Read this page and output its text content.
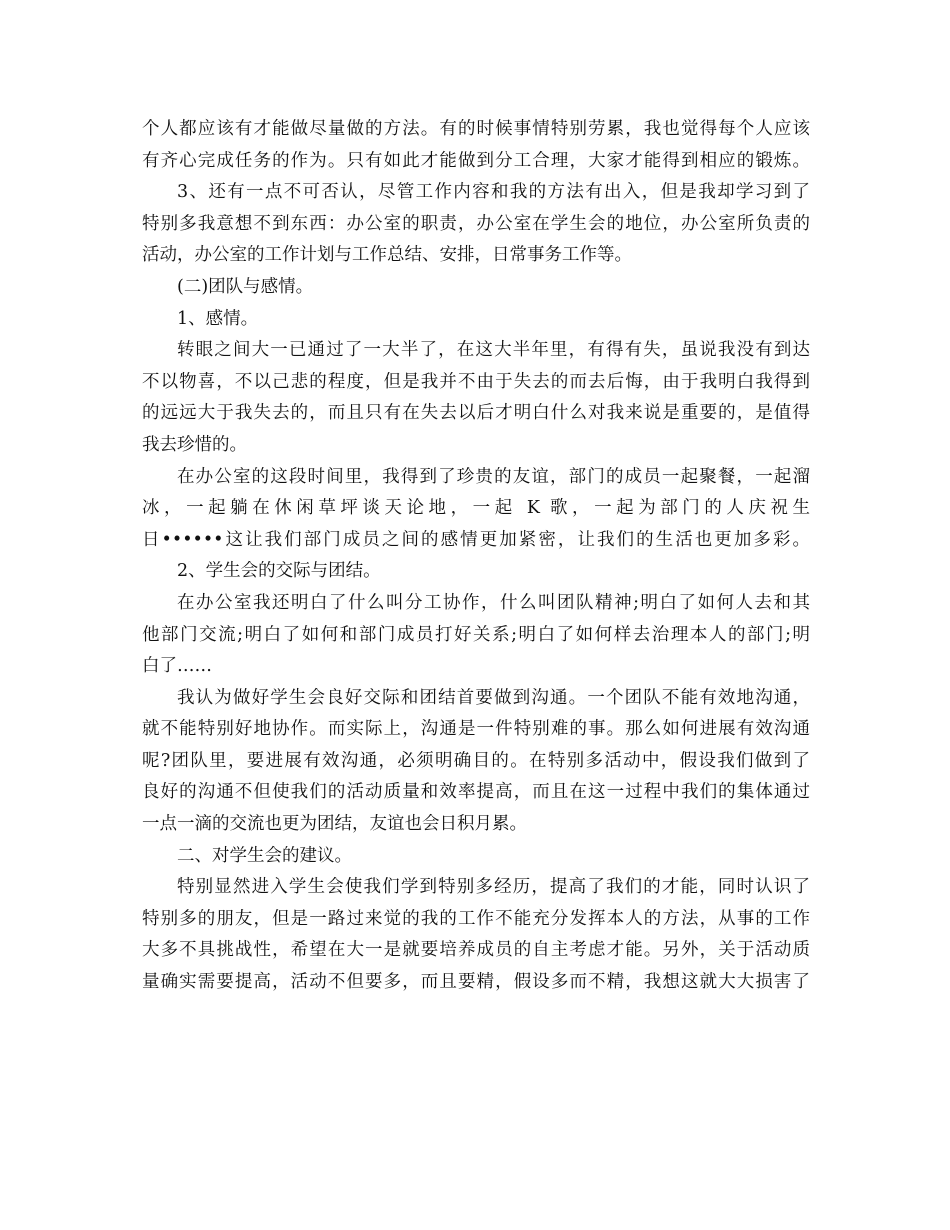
个人都应该有才能做尽量做的方法。有的时候事情特别劳累，我也觉得每个人应该
有齐心完成任务的作为。只有如此才能做到分工合理，大家才能得到相应的锻炼。
3、还有一点不可否认，尽管工作内容和我的方法有出入，但是我却学习到了
特别多我意想不到东西：办公室的职责，办公室在学生会的地位，办公室所负责的
活动，办公室的工作计划与工作总结、安排，日常事务工作等。
(二)团队与感情。
1、感情。
转眼之间大一已通过了一大半了，在这大半年里，有得有失，虽说我没有到达
不以物喜，不以己悲的程度，但是我并不由于失去的而去后悔，由于我明白我得到
的远远大于我失去的，而且只有在失去以后才明白什么对我来说是重要的，是值得
我去珍惜的。
在办公室的这段时间里，我得到了珍贵的友谊，部门的成员一起聚餐，一起溜
冰，一起躺在休闲草坪谈天论地，一起 K 歌，一起为部门的人庆祝生
日••••••这让我们部门成员之间的感情更加紧密，让我们的生活也更加多彩。
2、学生会的交际与团结。
在办公室我还明白了什么叫分工协作，什么叫团队精神;明白了如何人去和其
他部门交流;明白了如何和部门成员打好关系;明白了如何样去治理本人的部门;明
白了……
我认为做好学生会良好交际和团结首要做到沟通。一个团队不能有效地沟通，
就不能特别好地协作。而实际上，沟通是一件特别难的事。那么如何进展有效沟通
呢?团队里，要进展有效沟通，必须明确目的。在特别多活动中，假设我们做到了
良好的沟通不但使我们的活动质量和效率提高，而且在这一过程中我们的集体通过
一点一滴的交流也更为团结，友谊也会日积月累。
二、对学生会的建议。
特别显然进入学生会使我们学到特别多经历，提高了我们的才能，同时认识了
特别多的朋友，但是一路过来觉的我的工作不能充分发挥本人的方法，从事的工作
大多不具挑战性，希望在大一是就要培养成员的自主考虑才能。另外，关于活动质
量确实需要提高，活动不但要多，而且要精，假设多而不精，我想这就大大损害了
